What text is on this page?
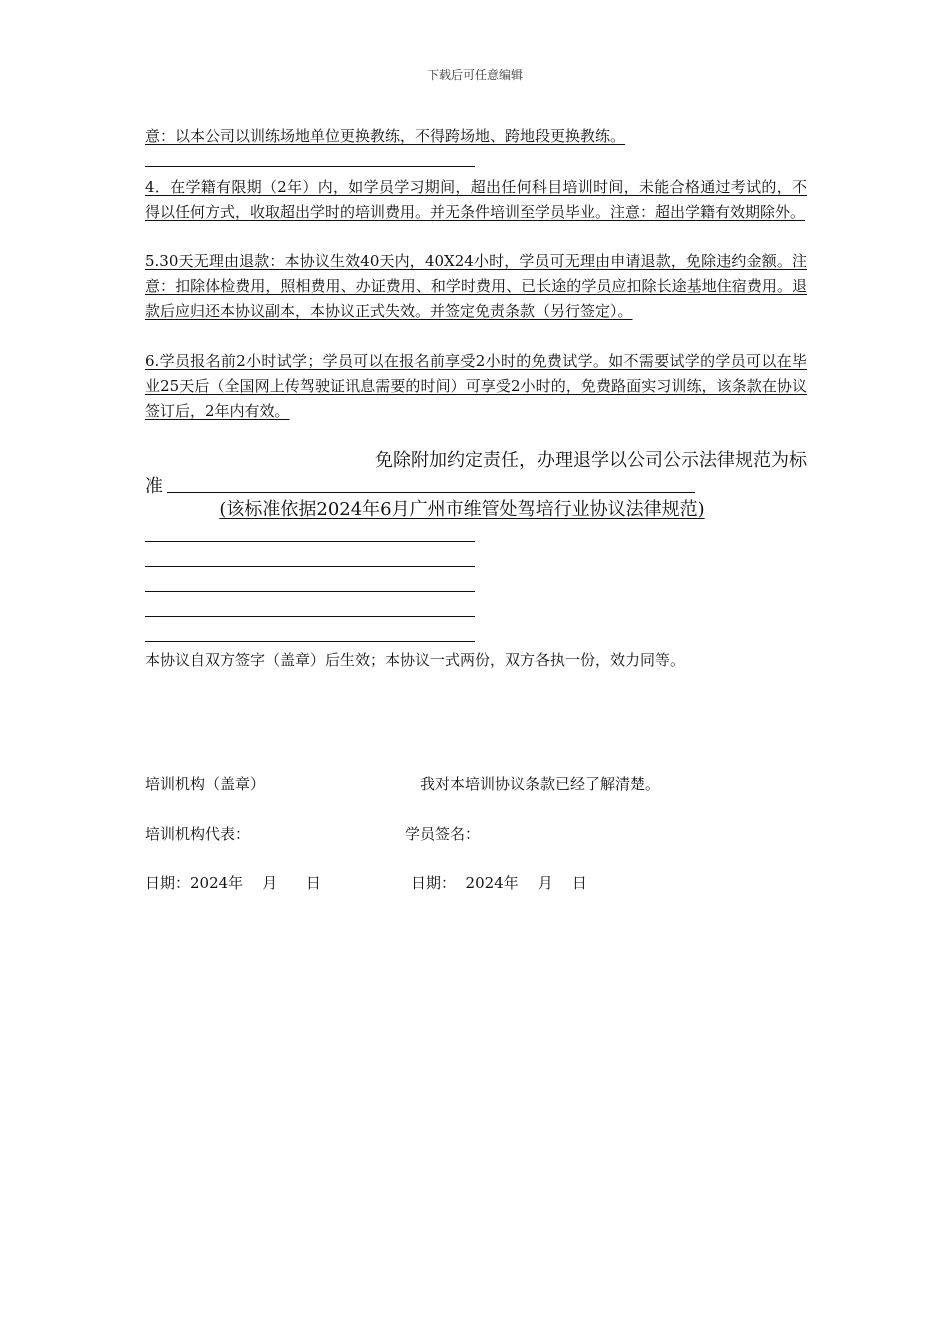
下载后可任意编辑
意：以本公司以训练场地单位更换教练，不得跨场地、跨地段更换教练。
4．在学籍有限期（2年）内，如学员学习期间，超出任何科目培训时间，未能合格通过考试的，不得以任何方式，收取超出学时的培训费用。并无条件培训至学员毕业。注意：超出学籍有效期除外。
5.30天无理由退款：本协议生效40天内，40X24小时，学员可无理由申请退款，免除违约金额。注意：扣除体检费用，照相费用、办证费用、和学时费用、已长途的学员应扣除长途基地住宿费用。退款后应归还本协议副本，本协议正式失效。并签定免责条款（另行签定）。
6.学员报名前2小时试学；学员可以在报名前享受2小时的免费试学。如不需要试学的学员可以在毕业25天后（全国网上传驾驶证讯息需要的时间）可享受2小时的，免费路面实习训练，该条款在协议签订后，2年内有效。
免除附加约定责任，办理退学以公司公示法律规范为标
准
(该标准依据2024年6月广州市维管处驾培行业协议法律规范)
本协议自双方签字（盖章）后生效；本协议一式两份，双方各执一份，效力同等。
培训机构（盖章）	我对本培训协议条款已经了解清楚。
培训机构代表：	学员签名：
日期：2024年    月      日	日期：  2024年    月    日
